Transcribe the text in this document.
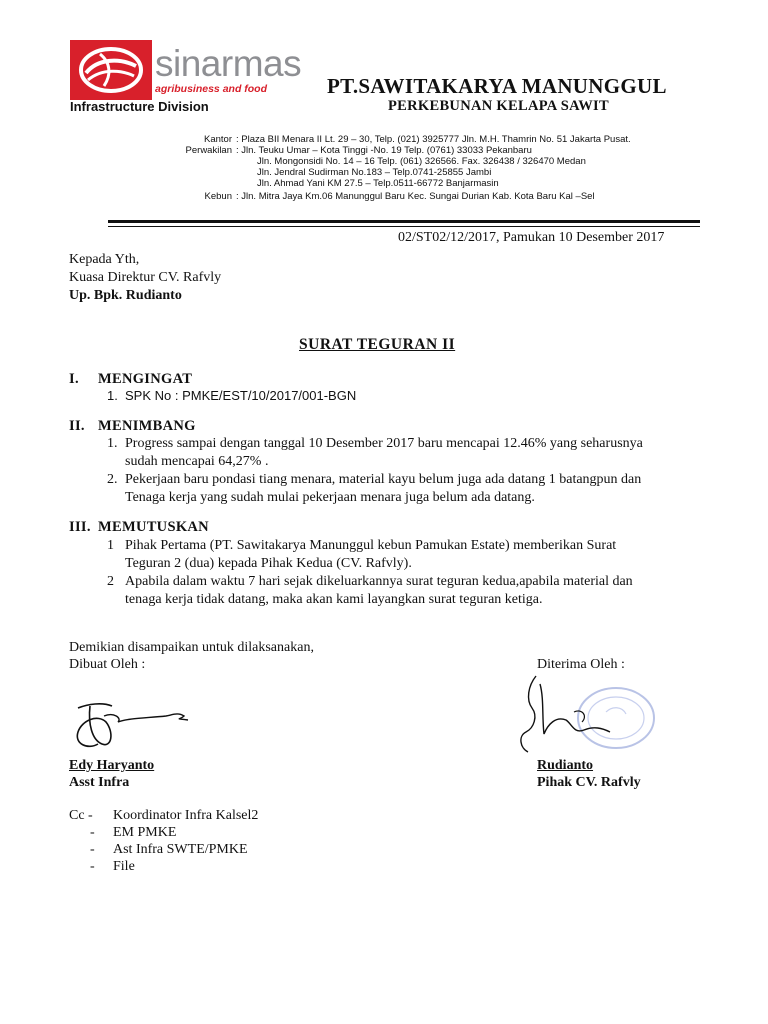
sinarmas
agribusiness and food
Infrastructure Division
PT.SAWITAKARYA MANUNGGUL
PERKEBUNAN KELAPA SAWIT
Kantor : Plaza BII Menara II Lt. 29 – 30, Telp. (021) 3925777 Jln. M.H. Thamrin No. 51 Jakarta Pusat.
Perwakilan : Jln. Teuku Umar – Kota Tinggi -No. 19 Telp. (0761) 33033 Pekanbaru
Jln. Mongonsidi No. 14 – 16 Telp. (061) 326566. Fax. 326438 / 326470 Medan
Jln. Jendral Sudirman No.183 – Telp.0741-25855 Jambi
Jln. Ahmad Yani KM 27.5 – Telp.0511-66772 Banjarmasin
Kebun : Jln. Mitra Jaya Km.06 Manunggul Baru Kec. Sungai Durian Kab. Kota Baru Kal –Sel
02/ST02/12/2017, Pamukan 10 Desember 2017
Kepada Yth,
Kuasa Direktur CV. Rafvly
Up. Bpk. Rudianto
SURAT TEGURAN II
I. MENGINGAT
1. SPK No : PMKE/EST/10/2017/001-BGN
II. MENIMBANG
1. Progress sampai dengan tanggal 10 Desember 2017 baru mencapai 12.46% yang seharusnya
sudah mencapai 64,27% .
2. Pekerjaan baru pondasi tiang menara, material kayu belum juga ada datang 1 batangpun dan
Tenaga kerja yang sudah mulai pekerjaan menara juga belum ada datang.
III. MEMUTUSKAN
1 Pihak Pertama (PT. Sawitakarya Manunggul kebun Pamukan Estate) memberikan Surat
Teguran 2 (dua) kepada Pihak Kedua (CV. Rafvly).
2 Apabila dalam waktu 7 hari sejak dikeluarkannya surat teguran kedua,apabila material dan
tenaga kerja tidak datang, maka akan kami layangkan surat teguran ketiga.
Demikian disampaikan untuk dilaksanakan,
Dibuat Oleh :	Diterima Oleh :
Edy Haryanto
Asst Infra
Rudianto
Pihak CV. Rafvly
Cc - Koordinator Infra Kalsel2
- EM PMKE
- Ast Infra SWTE/PMKE
- File
